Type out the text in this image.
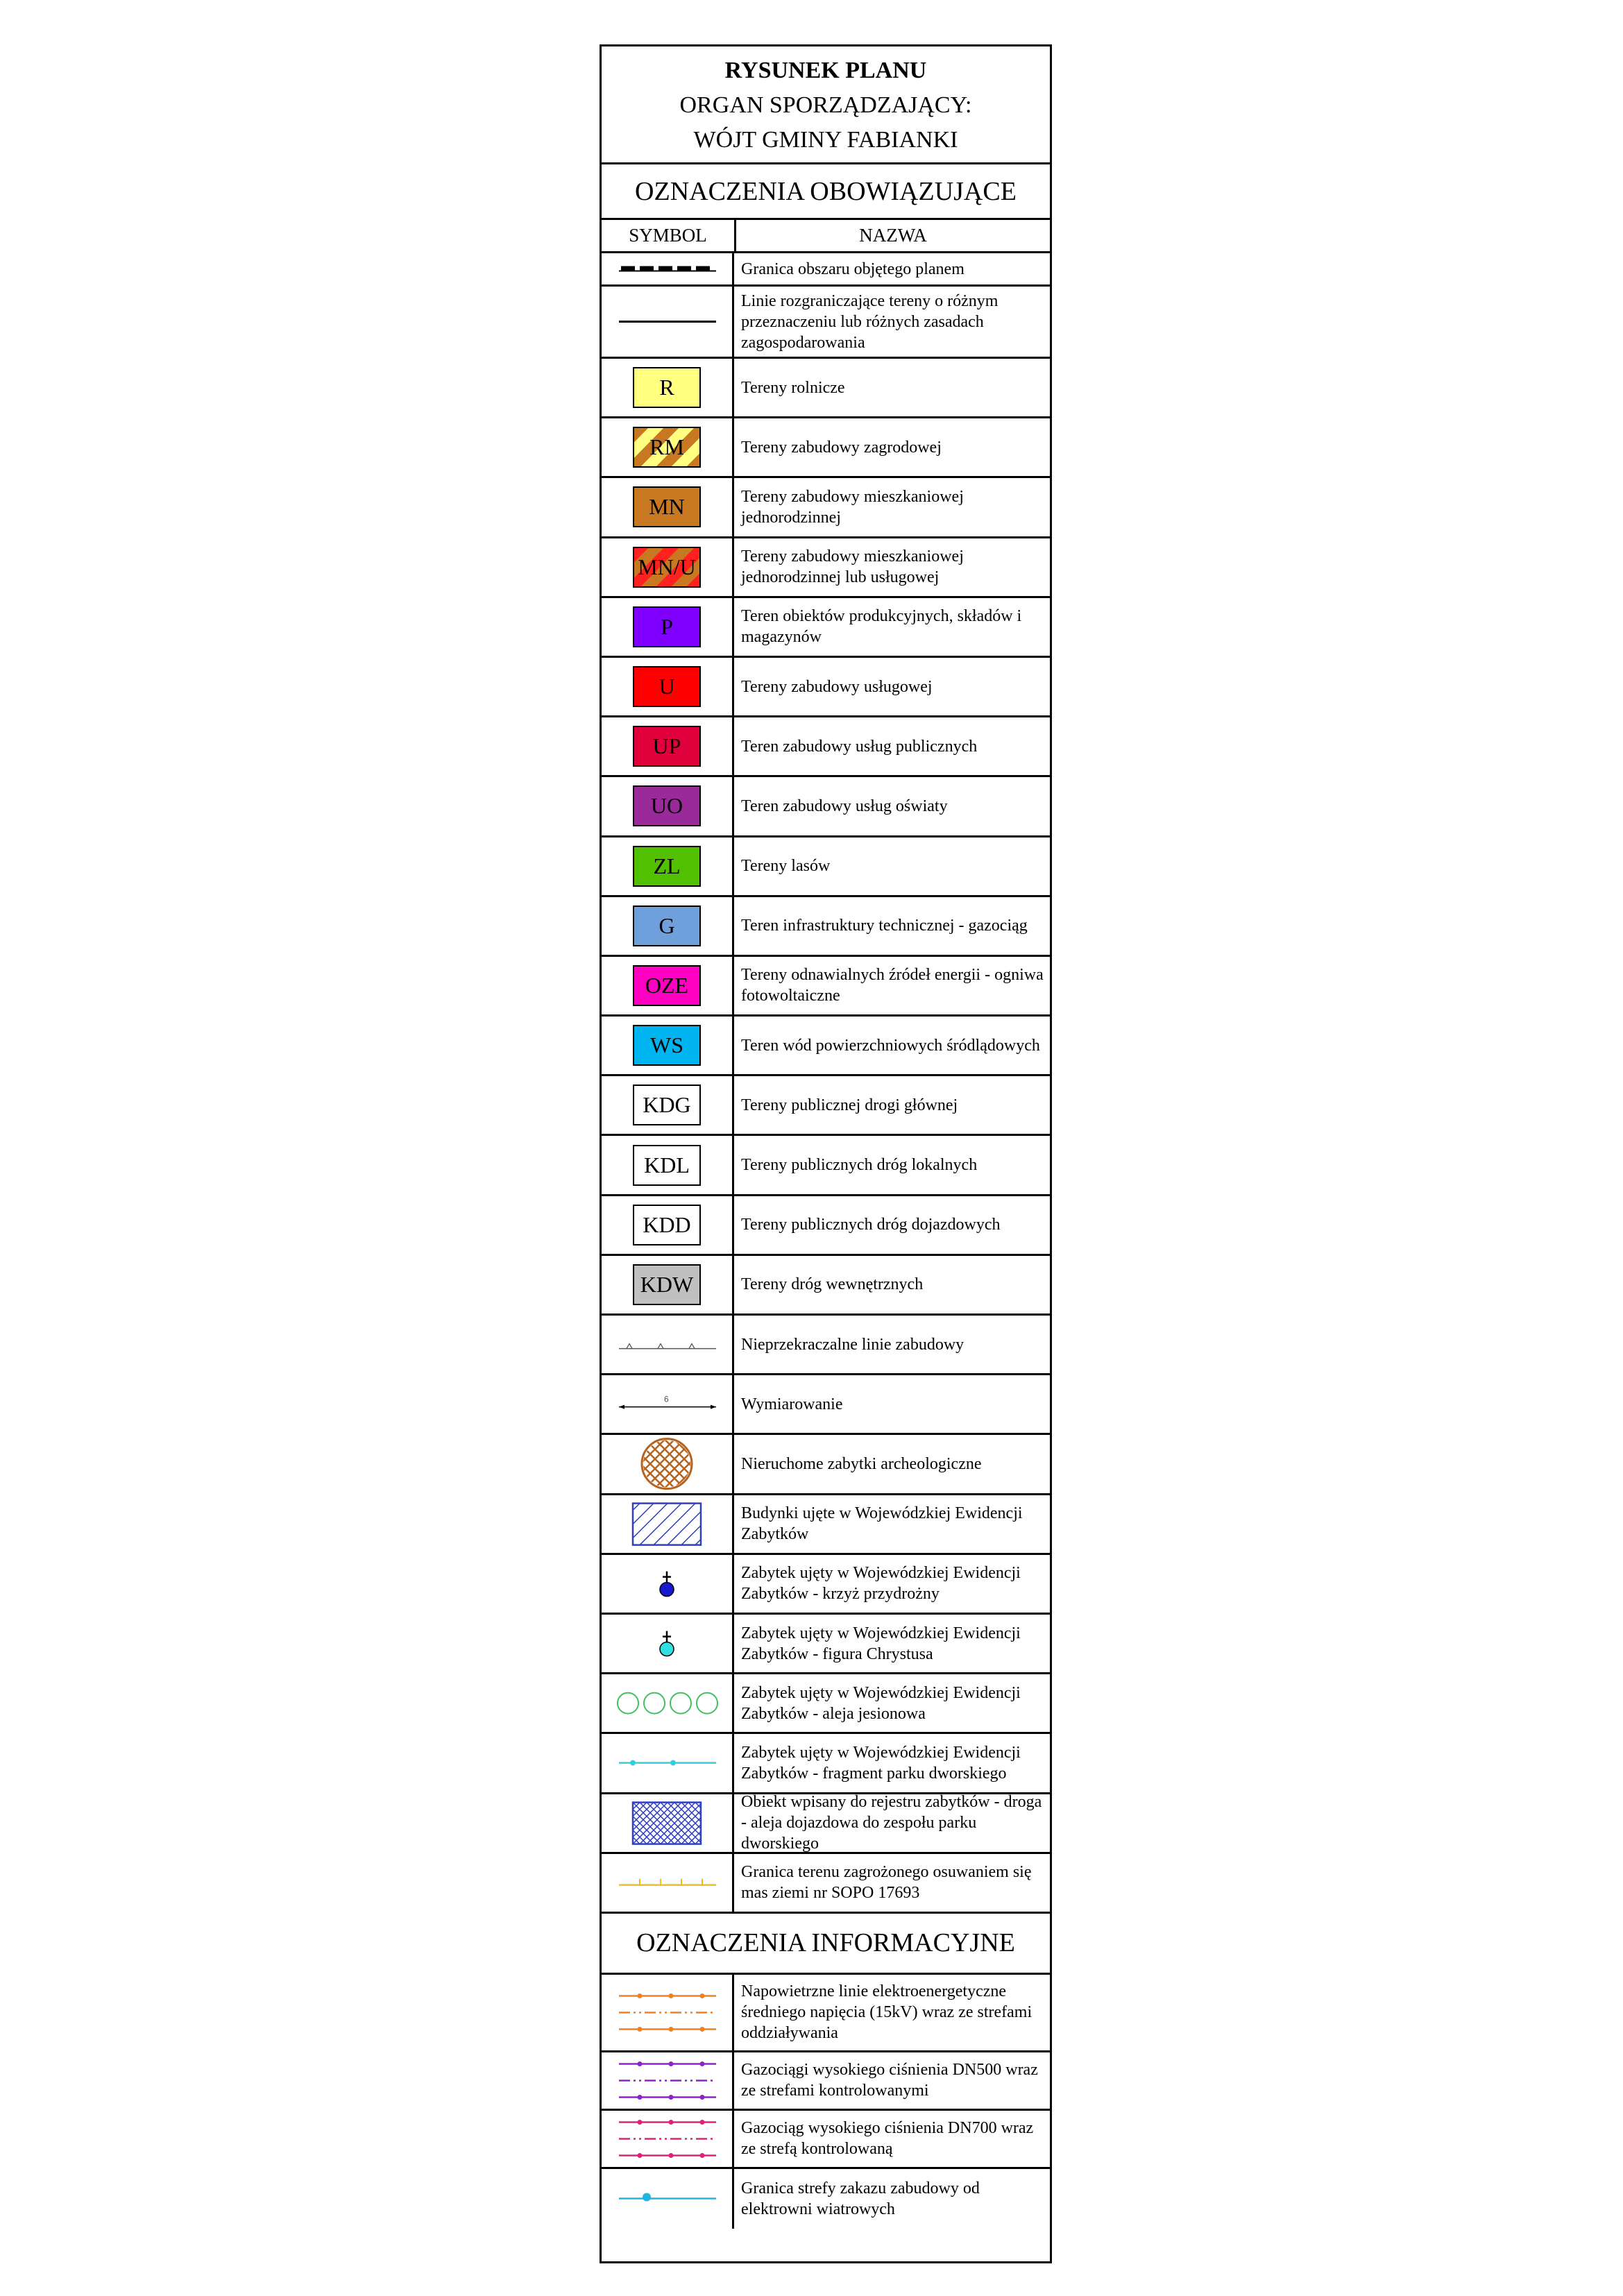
RYSUNEK PLANU
ORGAN SPORZĄDZAJĄCY:
WÓJT GMINY FABIANKI
OZNACZENIA OBOWIĄZUJĄCE
SYMBOL	NAZWA
Granica obszaru objętego planem
Linie rozgraniczające tereny o różnym przeznaczeniu lub różnych zasadach zagospodarowania
R	Tereny rolnicze
RM	Tereny zabudowy zagrodowej
MN	Tereny zabudowy mieszkaniowej jednorodzinnej
MN/U	Tereny zabudowy mieszkaniowej jednorodzinnej lub usługowej
P	Teren obiektów produkcyjnych, składów i magazynów
U	Tereny zabudowy usługowej
UP	Teren zabudowy usług publicznych
UO	Teren zabudowy usług oświaty
ZL	Tereny lasów
G	Teren infrastruktury technicznej - gazociąg
OZE	Tereny odnawialnych źródeł energii - ogniwa fotowoltaiczne
WS	Teren wód powierzchniowych śródlądowych
KDG	Tereny publicznej drogi głównej
KDL	Tereny publicznych dróg lokalnych
KDD	Tereny publicznych dróg dojazdowych
KDW	Tereny dróg wewnętrznych
Nieprzekraczalne linie zabudowy
6	Wymiarowanie
Nieruchome zabytki archeologiczne
Budynki ujęte w Wojewódzkiej Ewidencji Zabytków
Zabytek ujęty w Wojewódzkiej Ewidencji Zabytków - krzyż przydrożny
Zabytek ujęty w Wojewódzkiej Ewidencji Zabytków - figura Chrystusa
Zabytek ujęty w Wojewódzkiej Ewidencji Zabytków - aleja jesionowa
Zabytek ujęty w Wojewódzkiej Ewidencji Zabytków - fragment parku dworskiego
Obiekt wpisany do rejestru zabytków - droga - aleja dojazdowa do zespołu parku dworskiego
Granica terenu zagrożonego osuwaniem się mas ziemi nr SOPO 17693
OZNACZENIA INFORMACYJNE
Napowietrzne linie elektroenergetyczne średniego napięcia (15kV) wraz ze strefami oddziaływania
Gazociągi wysokiego ciśnienia DN500 wraz ze strefami kontrolowanymi
Gazociąg wysokiego ciśnienia DN700 wraz ze strefą kontrolowaną
Granica strefy zakazu zabudowy od elektrowni wiatrowych
